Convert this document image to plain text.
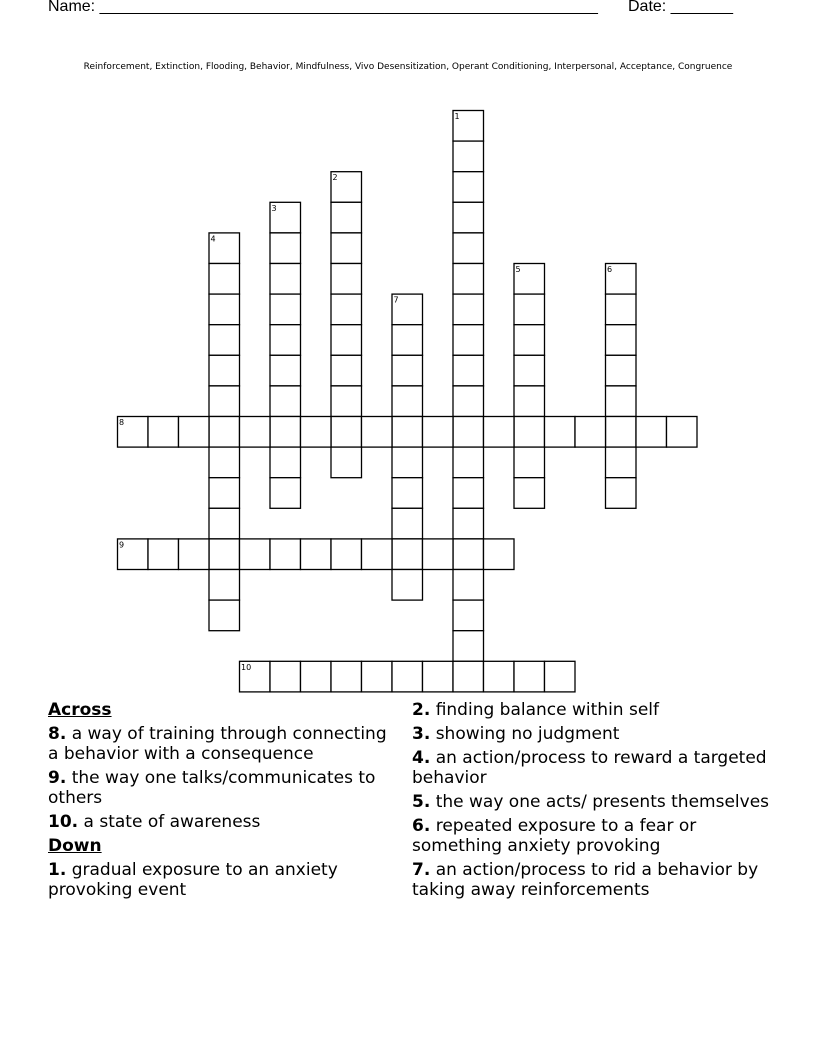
Name: ________________________________________________________ Date: _______
Reinforcement, Extinction, Flooding, Behavior, Mindfulness, Vivo Desensitization, Operant Conditioning, Interpersonal, Acceptance, Congruence
1
2
3
4
5	6
7
8
9
10
Across
8. a way of training through connecting a behavior with a consequence
9. the way one talks/communicates to others
10. a state of awareness
Down
1. gradual exposure to an anxiety provoking event
2. finding balance within self
3. showing no judgment
4. an action/process to reward a targeted behavior
5. the way one acts/ presents themselves
6. repeated exposure to a fear or something anxiety provoking
7. an action/process to rid a behavior by taking away reinforcements
